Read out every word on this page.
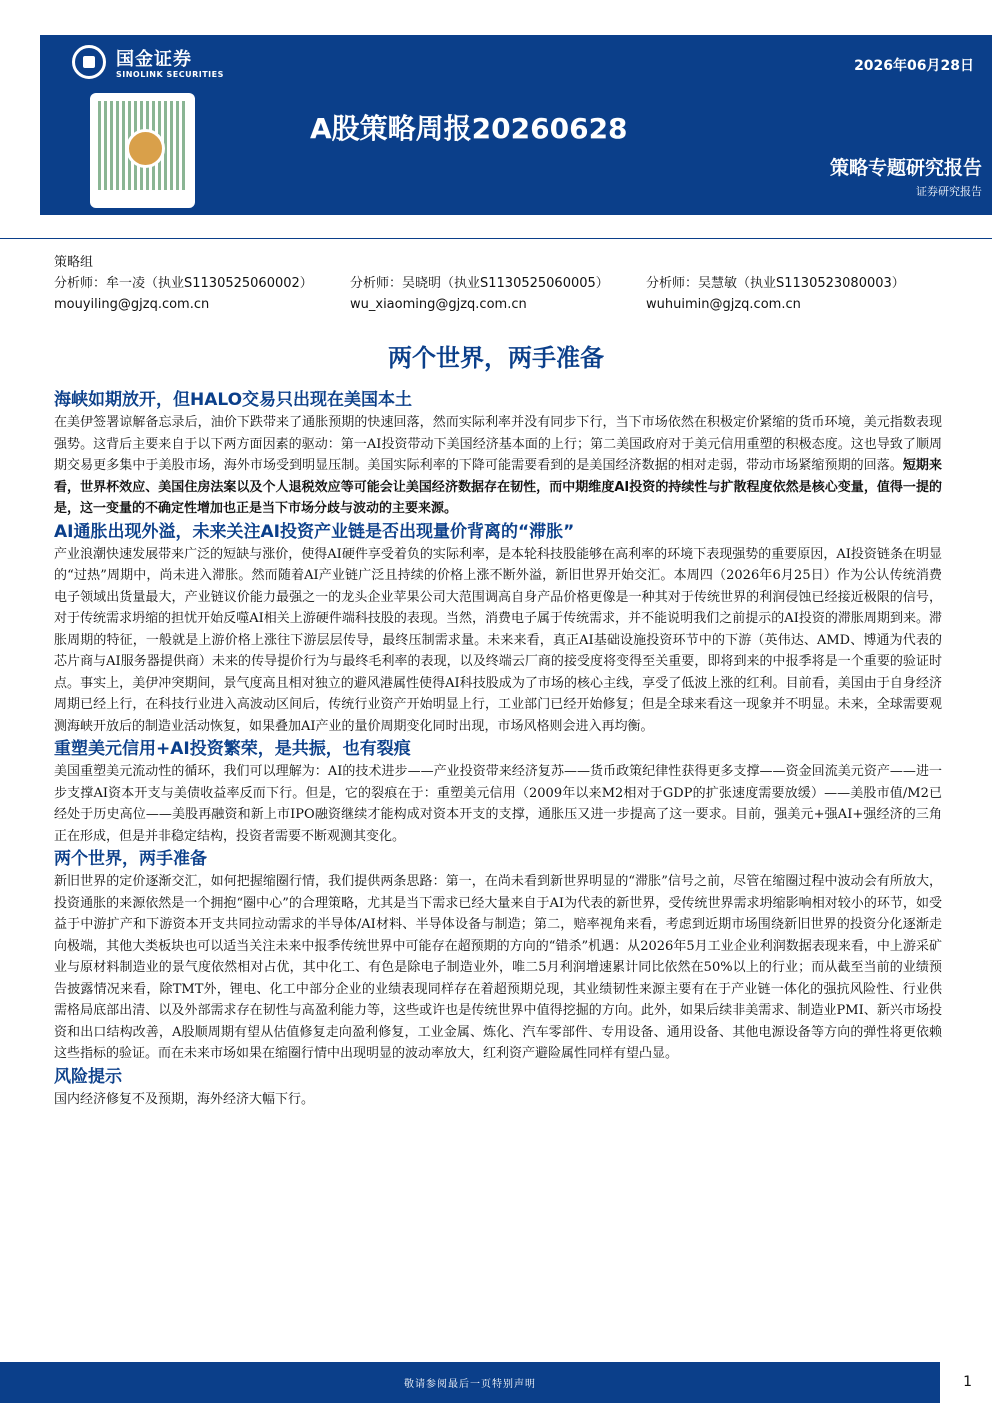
国金证券
SINOLINK SECURITIES
2026年06月28日
A股策略周报20260628
策略专题研究报告
证券研究报告
策略组
分析师：牟一凌（执业S1130525060002）
mouyiling@gjzq.com.cn
分析师：吴晓明（执业S1130525060005）
wu_xiaoming@gjzq.com.cn
分析师：吴慧敏（执业S1130523080003）
wuhuimin@gjzq.com.cn
两个世界，两手准备
海峡如期放开，但HALO交易只出现在美国本土

在美伊签署谅解备忘录后，油价下跌带来了通胀预期的快速回落，然而实际利率并没有同步下行，当下市场依然在积极定价紧缩的货币环境，美元指数表现强势。这背后主要来自于以下两方面因素的驱动：第一AI投资带动下美国经济基本面的上行；第二美国政府对于美元信用重塑的积极态度。这也导致了顺周期交易更多集中于美股市场，海外市场受到明显压制。美国实际利率的下降可能需要看到的是美国经济数据的相对走弱，带动市场紧缩预期的回落。短期来看，世界杯效应、美国住房法案以及个人退税效应等可能会让美国经济数据存在韧性，而中期维度AI投资的持续性与扩散程度依然是核心变量，值得一提的是，这一变量的不确定性增加也正是当下市场分歧与波动的主要来源。

AI通胀出现外溢，未来关注AI投资产业链是否出现量价背离的“滞胀”

产业浪潮快速发展带来广泛的短缺与涨价，使得AI硬件享受着负的实际利率，是本轮科技股能够在高利率的环境下表现强势的重要原因，AI投资链条在明显的“过热”周期中，尚未进入滞胀。然而随着AI产业链广泛且持续的价格上涨不断外溢，新旧世界开始交汇。本周四（2026年6月25日）作为公认传统消费电子领域出货量最大，产业链议价能力最强之一的龙头企业苹果公司大范围调高自身产品价格更像是一种其对于传统世界的利润侵蚀已经接近极限的信号，对于传统需求坍缩的担忧开始反噬AI相关上游硬件端科技股的表现。当然，消费电子属于传统需求，并不能说明我们之前提示的AI投资的滞胀周期到来。滞胀周期的特征，一般就是上游价格上涨往下游层层传导，最终压制需求量。未来来看，真正AI基础设施投资环节中的下游（英伟达、AMD、博通为代表的芯片商与AI服务器提供商）未来的传导提价行为与最终毛利率的表现，以及终端云厂商的接受度将变得至关重要，即将到来的中报季将是一个重要的验证时点。事实上，美伊冲突期间，景气度高且相对独立的避风港属性使得AI科技股成为了市场的核心主线，享受了低波上涨的红利。目前看，美国由于自身经济周期已经上行，在科技行业进入高波动区间后，传统行业资产开始明显上行，工业部门已经开始修复；但是全球来看这一现象并不明显。未来，全球需要观测海峡开放后的制造业活动恢复，如果叠加AI产业的量价周期变化同时出现，市场风格则会进入再均衡。

重塑美元信用+AI投资繁荣，是共振，也有裂痕

美国重塑美元流动性的循环，我们可以理解为：AI的技术进步——产业投资带来经济复苏——货币政策纪律性获得更多支撑——资金回流美元资产——进一步支撑AI资本开支与美债收益率反而下行。但是，它的裂痕在于：重塑美元信用（2009年以来M2相对于GDP的扩张速度需要放缓）——美股市值/M2已经处于历史高位——美股再融资和新上市IPO融资继续才能构成对资本开支的支撑，通胀压又进一步提高了这一要求。目前，强美元+强AI+强经济的三角正在形成，但是并非稳定结构，投资者需要不断观测其变化。

两个世界，两手准备

新旧世界的定价逐渐交汇，如何把握缩圈行情，我们提供两条思路：第一，在尚未看到新世界明显的“滞胀”信号之前，尽管在缩圈过程中波动会有所放大，投资通胀的来源依然是一个拥抱“圈中心”的合理策略，尤其是当下需求已经大量来自于AI为代表的新世界，受传统世界需求坍缩影响相对较小的环节，如受益于中游扩产和下游资本开支共同拉动需求的半导体/AI材料、半导体设备与制造；第二，赔率视角来看，考虑到近期市场围绕新旧世界的投资分化逐渐走向极端，其他大类板块也可以适当关注未来中报季传统世界中可能存在超预期的方向的“错杀”机遇：从2026年5月工业企业利润数据表现来看，中上游采矿业与原材料制造业的景气度依然相对占优，其中化工、有色是除电子制造业外，唯二5月利润增速累计同比依然在50%以上的行业；而从截至当前的业绩预告披露情况来看，除TMT外，锂电、化工中部分企业的业绩表现同样存在着超预期兑现，其业绩韧性来源主要有在于产业链一体化的强抗风险性、行业供需格局底部出清、以及外部需求存在韧性与高盈利能力等，这些或许也是传统世界中值得挖掘的方向。此外，如果后续非美需求、制造业PMI、新兴市场投资和出口结构改善，A股顺周期有望从估值修复走向盈利修复，工业金属、炼化、汽车零部件、专用设备、通用设备、其他电源设备等方向的弹性将更依赖这些指标的验证。而在未来市场如果在缩圈行情中出现明显的波动率放大，红利资产避险属性同样有望凸显。

风险提示

国内经济修复不及预期，海外经济大幅下行。

敬请参阅最后一页特别声明	1
